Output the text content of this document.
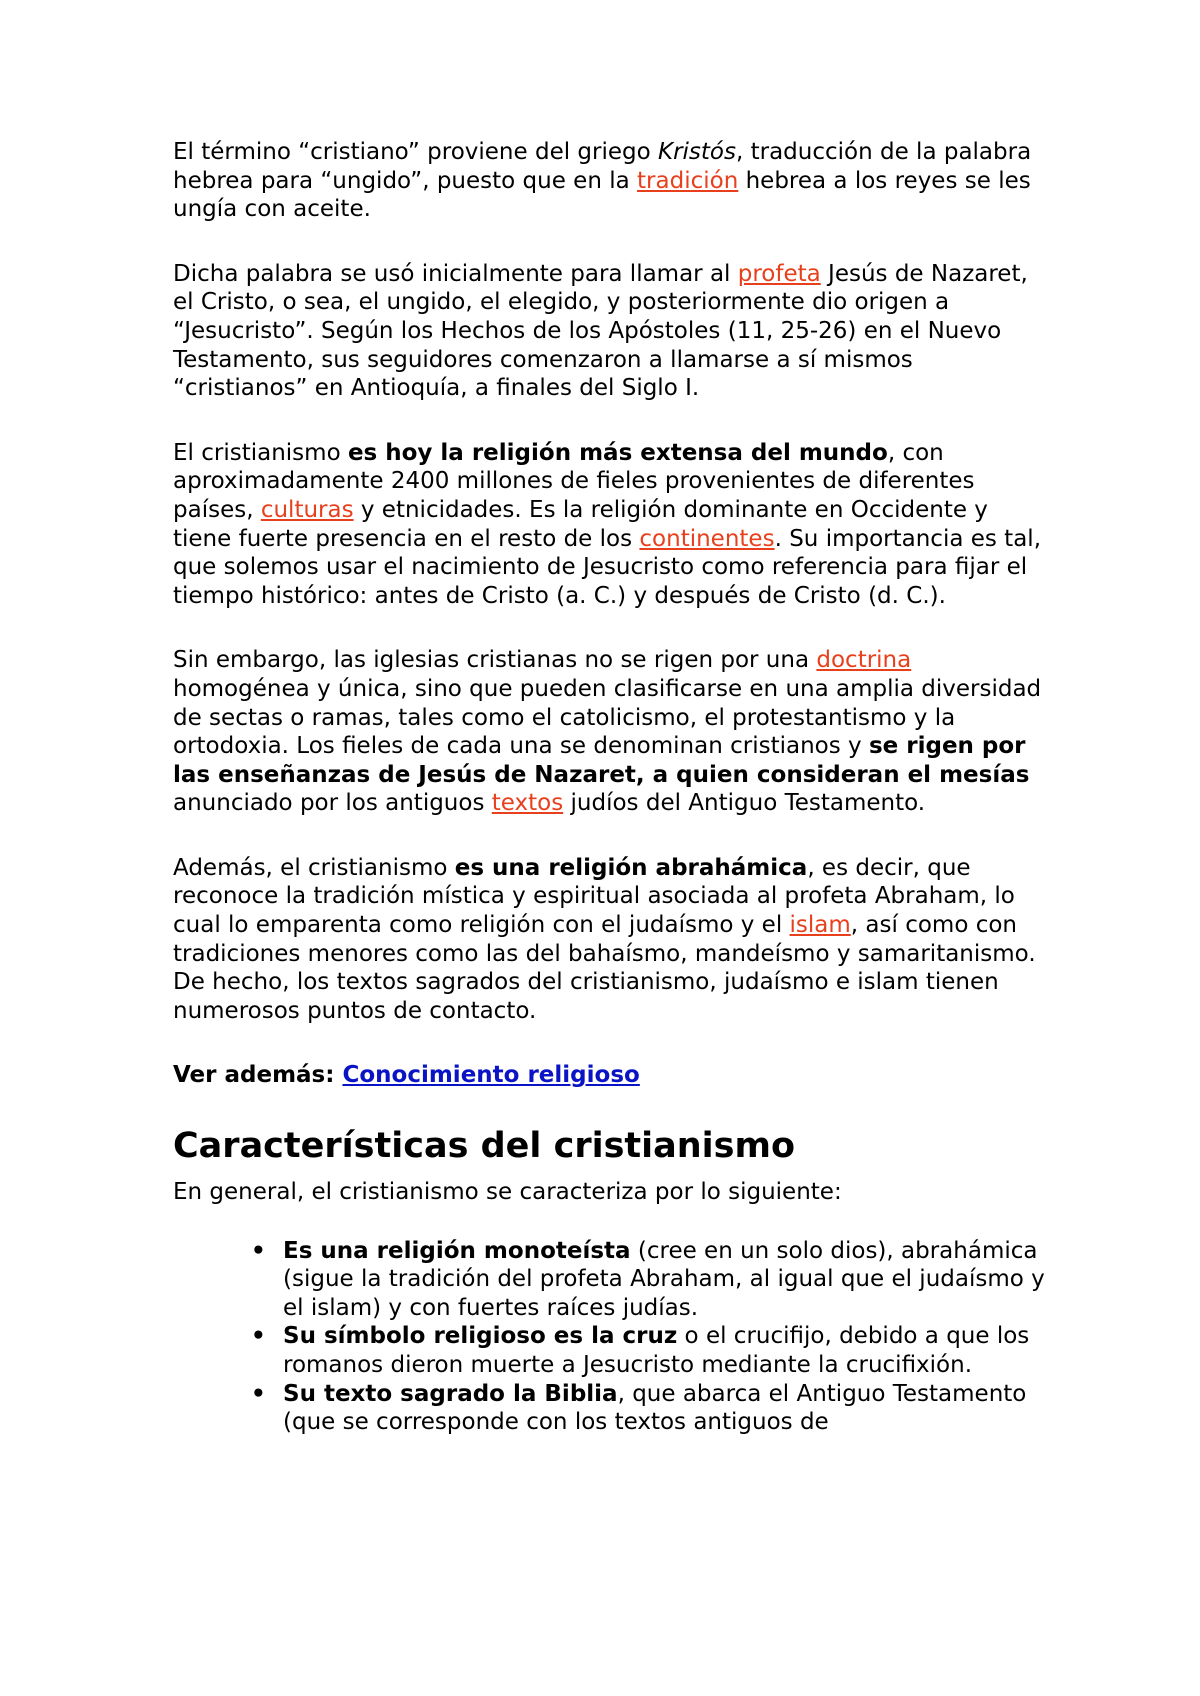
El término “cristiano” proviene del griego Kristós, traducción de la palabra hebrea para “ungido”, puesto que en la tradición hebrea a los reyes se les ungía con aceite.

Dicha palabra se usó inicialmente para llamar al profeta Jesús de Nazaret, el Cristo, o sea, el ungido, el elegido, y posteriormente dio origen a “Jesucristo”. Según los Hechos de los Apóstoles (11, 25-26) en el Nuevo Testamento, sus seguidores comenzaron a llamarse a sí mismos “cristianos” en Antioquía, a finales del Siglo I.

El cristianismo es hoy la religión más extensa del mundo, con aproximadamente 2400 millones de fieles provenientes de diferentes países, culturas y etnicidades. Es la religión dominante en Occidente y tiene fuerte presencia en el resto de los continentes. Su importancia es tal, que solemos usar el nacimiento de Jesucristo como referencia para fijar el tiempo histórico: antes de Cristo (a. C.) y después de Cristo (d. C.).

Sin embargo, las iglesias cristianas no se rigen por una doctrina homogénea y única, sino que pueden clasificarse en una amplia diversidad de sectas o ramas, tales como el catolicismo, el protestantismo y la ortodoxia. Los fieles de cada una se denominan cristianos y se rigen por las enseñanzas de Jesús de Nazaret, a quien consideran el mesías anunciado por los antiguos textos judíos del Antiguo Testamento.

Además, el cristianismo es una religión abrahámica, es decir, que reconoce la tradición mística y espiritual asociada al profeta Abraham, lo cual lo emparenta como religión con el judaísmo y el islam, así como con tradiciones menores como las del bahaísmo, mandeísmo y samaritanismo. De hecho, los textos sagrados del cristianismo, judaísmo e islam tienen numerosos puntos de contacto.

Ver además: Conocimiento religioso

Características del cristianismo

En general, el cristianismo se caracteriza por lo siguiente:

• Es una religión monoteísta (cree en un solo dios), abrahámica (sigue la tradición del profeta Abraham, al igual que el judaísmo y el islam) y con fuertes raíces judías.
• Su símbolo religioso es la cruz o el crucifijo, debido a que los romanos dieron muerte a Jesucristo mediante la crucifixión.
• Su texto sagrado la Biblia, que abarca el Antiguo Testamento (que se corresponde con los textos antiguos de
